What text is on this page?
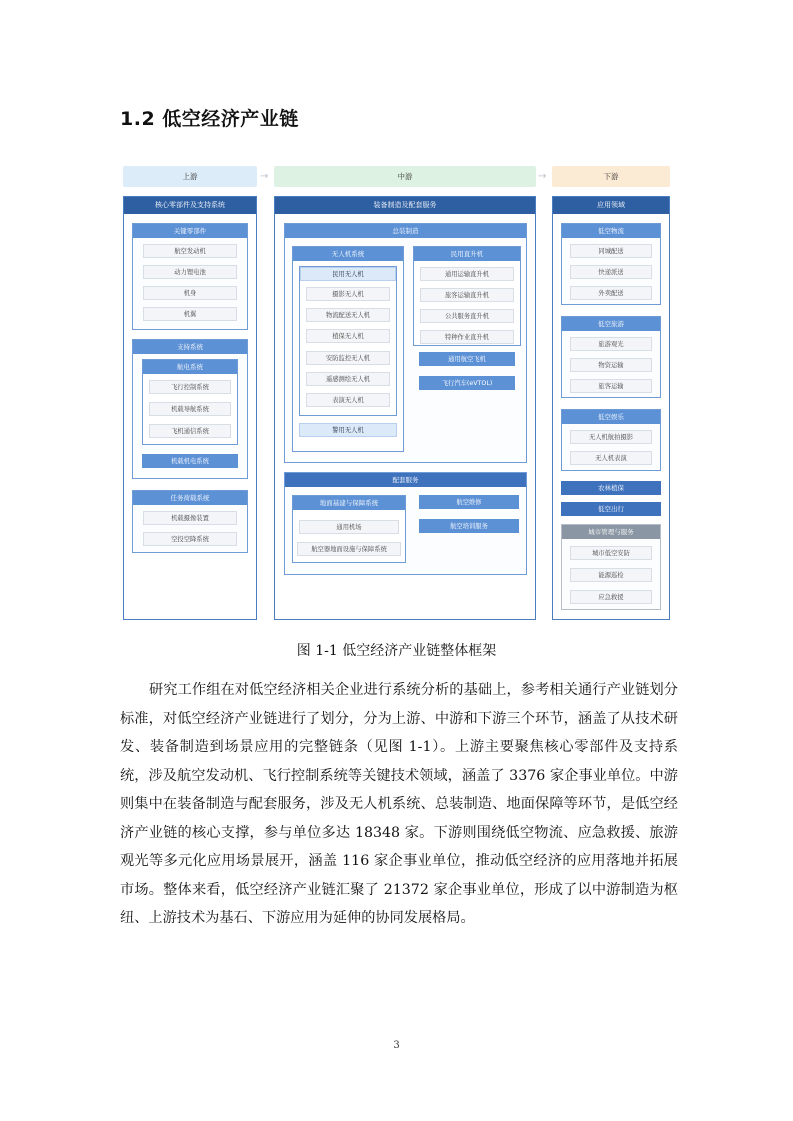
1.2 低空经济产业链
上游	→	中游	→	下游
核心零部件及支持系统
关键零部件
航空发动机
动力锂电池
机身
机翼
支持系统
航电系统
飞行控制系统
机载导航系统
飞机通信系统
机载机电系统
任务荷载系统
机载摄像装置
空投空降系统
装备制造及配套服务
总装制造
无人机系统
民用无人机
摄影无人机
物流配送无人机
植保无人机
安防监控无人机
遥感测绘无人机
表演无人机
警用无人机
民用直升机
通用运输直升机
旅客运输直升机
公共服务直升机
特种作业直升机
通用航空飞机
飞行汽车(eVTOL)
配套服务
地面基建与保障系统
通用机场
航空器地面设施与保障系统
航空维修
航空培训服务
应用领域
低空物流
同城配送
快递派送
外卖配送
低空旅游
旅游观光
物资运输
旅客运输
低空娱乐
无人机航拍摄影
无人机表演
农林植保
低空出行
城市管理与服务
城市低空安防
能源巡检
应急救援
图 1-1 低空经济产业链整体框架

研究工作组在对低空经济相关企业进行系统分析的基础上，参考相关通行产业链划分标准，对低空经济产业链进行了划分，分为上游、中游和下游三个环节，涵盖了从技术研发、装备制造到场景应用的完整链条（见图 1-1）。上游主要聚焦核心零部件及支持系统，涉及航空发动机、飞行控制系统等关键技术领域，涵盖了 3376 家企事业单位。中游则集中在装备制造与配套服务，涉及无人机系统、总装制造、地面保障等环节，是低空经济产业链的核心支撑，参与单位多达 18348 家。下游则围绕低空物流、应急救援、旅游观光等多元化应用场景展开，涵盖 116 家企事业单位，推动低空经济的应用落地并拓展市场。整体来看，低空经济产业链汇聚了 21372 家企事业单位，形成了以中游制造为枢纽、上游技术为基石、下游应用为延伸的协同发展格局。

3
